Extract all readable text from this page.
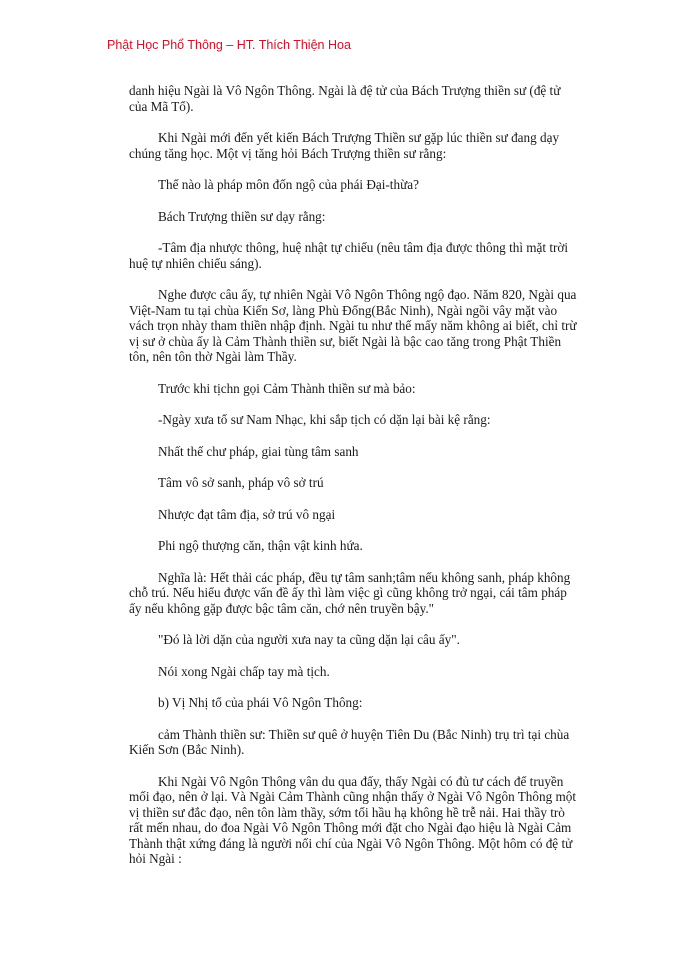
Phật Học Phổ Thông – HT. Thích Thiện Hoa

danh hiệu Ngài là Vô Ngôn Thông. Ngài là đệ tử của Bách Trượng thiền sư (đệ tử của Mã Tổ).

Khi Ngài mới đến yết kiến Bách Trượng Thiền sư gặp lúc thiền sư đang dạy chúng tăng học. Một vị tăng hỏi Bách Trượng thiền sư rằng:

Thế nào là pháp môn đốn ngộ của phái Đại-thừa?

Bách Trượng thiền sư dạy rằng:

-Tâm địa nhược thông, huệ nhật tự chiếu (nêu tâm địa được thông thì mặt trời huệ tự nhiên chiếu sáng).

Nghe được câu ấy, tự nhiên Ngài Vô Ngôn Thông ngộ đạo. Năm 820, Ngài qua Việt-Nam tu tại chùa Kiến Sơ, làng Phù Đổng(Bắc Ninh), Ngài ngồi vây mặt vào vách trọn nhày tham thiền nhập định. Ngài tu như thế mấy năm không ai biết, chỉ trừ vị sư ở chùa ấy là Cảm Thành thiền sư, biết Ngài là bậc cao tăng trong Phật Thiền tôn, nên tôn thờ Ngài làm Thầy.

Trước khi tịchn gọi Cảm Thành thiền sư mà bảo:

-Ngày xưa tổ sư Nam Nhạc, khi sắp tịch có dặn lại bài kệ rằng:

Nhất thế chư pháp, giai tùng tâm sanh

Tâm vô sở sanh, pháp vô sở trú

Nhược đạt tâm địa, sở trú vô ngại

Phi ngộ thượng căn, thận vật kinh hứa.

Nghĩa là: Hết thải các pháp, đều tự tâm sanh;tâm nếu không sanh, pháp không chỗ trú. Nếu hiểu được vấn đề ấy thì làm việc gì cũng không trở ngại, cái tâm pháp ấy nếu không gặp được bậc tâm căn, chớ nên truyền bậy."

"Đó là lời dặn của người xưa nay ta cũng dặn lại câu ấy".

Nói xong Ngài chấp tay mà tịch.

b) Vị Nhị tổ của phái Vô Ngôn Thông:

cảm Thành thiền sư: Thiền sư quê ở huyện Tiên Du (Bắc Ninh) trụ trì tại chùa Kiến Sơn (Bắc Ninh).

Khi Ngài Vô Ngôn Thông vân du qua đấy, thấy Ngài có đủ tư cách để truyền mối đạo, nên ở lại. Và Ngài Cảm Thành cũng nhận thấy ở Ngài Vô Ngôn Thông một vị thiền sư đắc đạo, nên tôn làm thầy, sớm tối hầu hạ không hề trễ nải. Hai thầy trò rất mến nhau, do đoa Ngài Vô Ngôn Thông mới đặt cho Ngài đạo hiệu là Ngài Cảm Thành thật xứng đáng là người nối chí của Ngài Vô Ngôn Thông. Một hôm có đệ tử hỏi Ngài :
